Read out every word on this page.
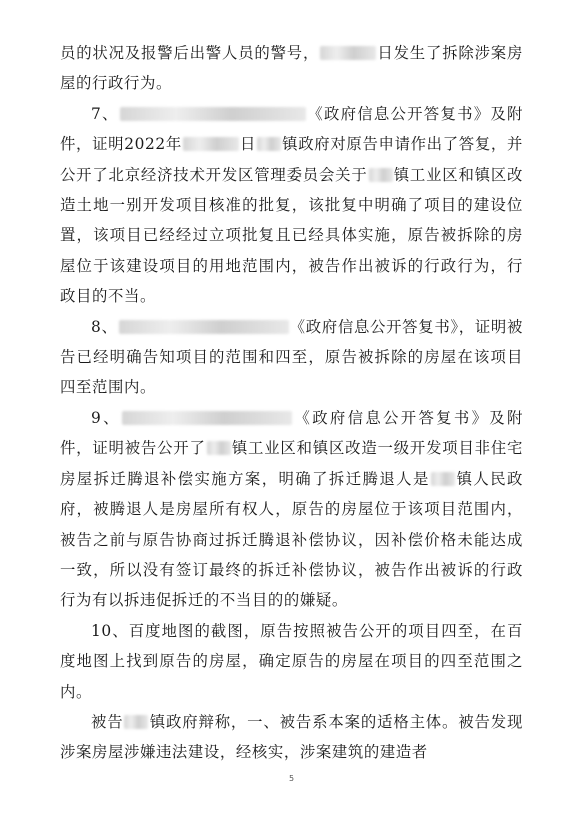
员的状况及报警后出警人员的警号，	日发生了拆除涉案房屋的行政行为。

7、	《政府信息公开答复书》及附件，证明2022年	日 镇政府对原告申请作出了答复，并公开了北京经济技术开发区管理委员会关于 镇工业区和镇区改造土地一别开发项目核准的批复，该批复中明确了项目的建设位置，该项目已经经过立项批复且已经具体实施，原告被拆除的房屋位于该建设项目的用地范围内，被告作出被诉的行政行为，行政目的不当。

8、	《政府信息公开答复书》，证明被告已经明确告知项目的范围和四至，原告被拆除的房屋在该项目四至范围内。

9、	《政府信息公开答复书》及附件，证明被告公开了 镇工业区和镇区改造一级开发项目非住宅房屋拆迁腾退补偿实施方案，明确了拆迁腾退人是 镇人民政府，被腾退人是房屋所有权人，原告的房屋位于该项目范围内，被告之前与原告协商过拆迁腾退补偿协议，因补偿价格未能达成一致，所以没有签订最终的拆迁补偿协议，被告作出被诉的行政行为有以拆违促拆迁的不当目的的嫌疑。

10、百度地图的截图，原告按照被告公开的项目四至，在百度地图上找到原告的房屋，确定原告的房屋在项目的四至范围之内。

被告 镇政府辩称，一、被告系本案的适格主体。被告发现涉案房屋涉嫌违法建设，经核实，涉案建筑的建造者

5
